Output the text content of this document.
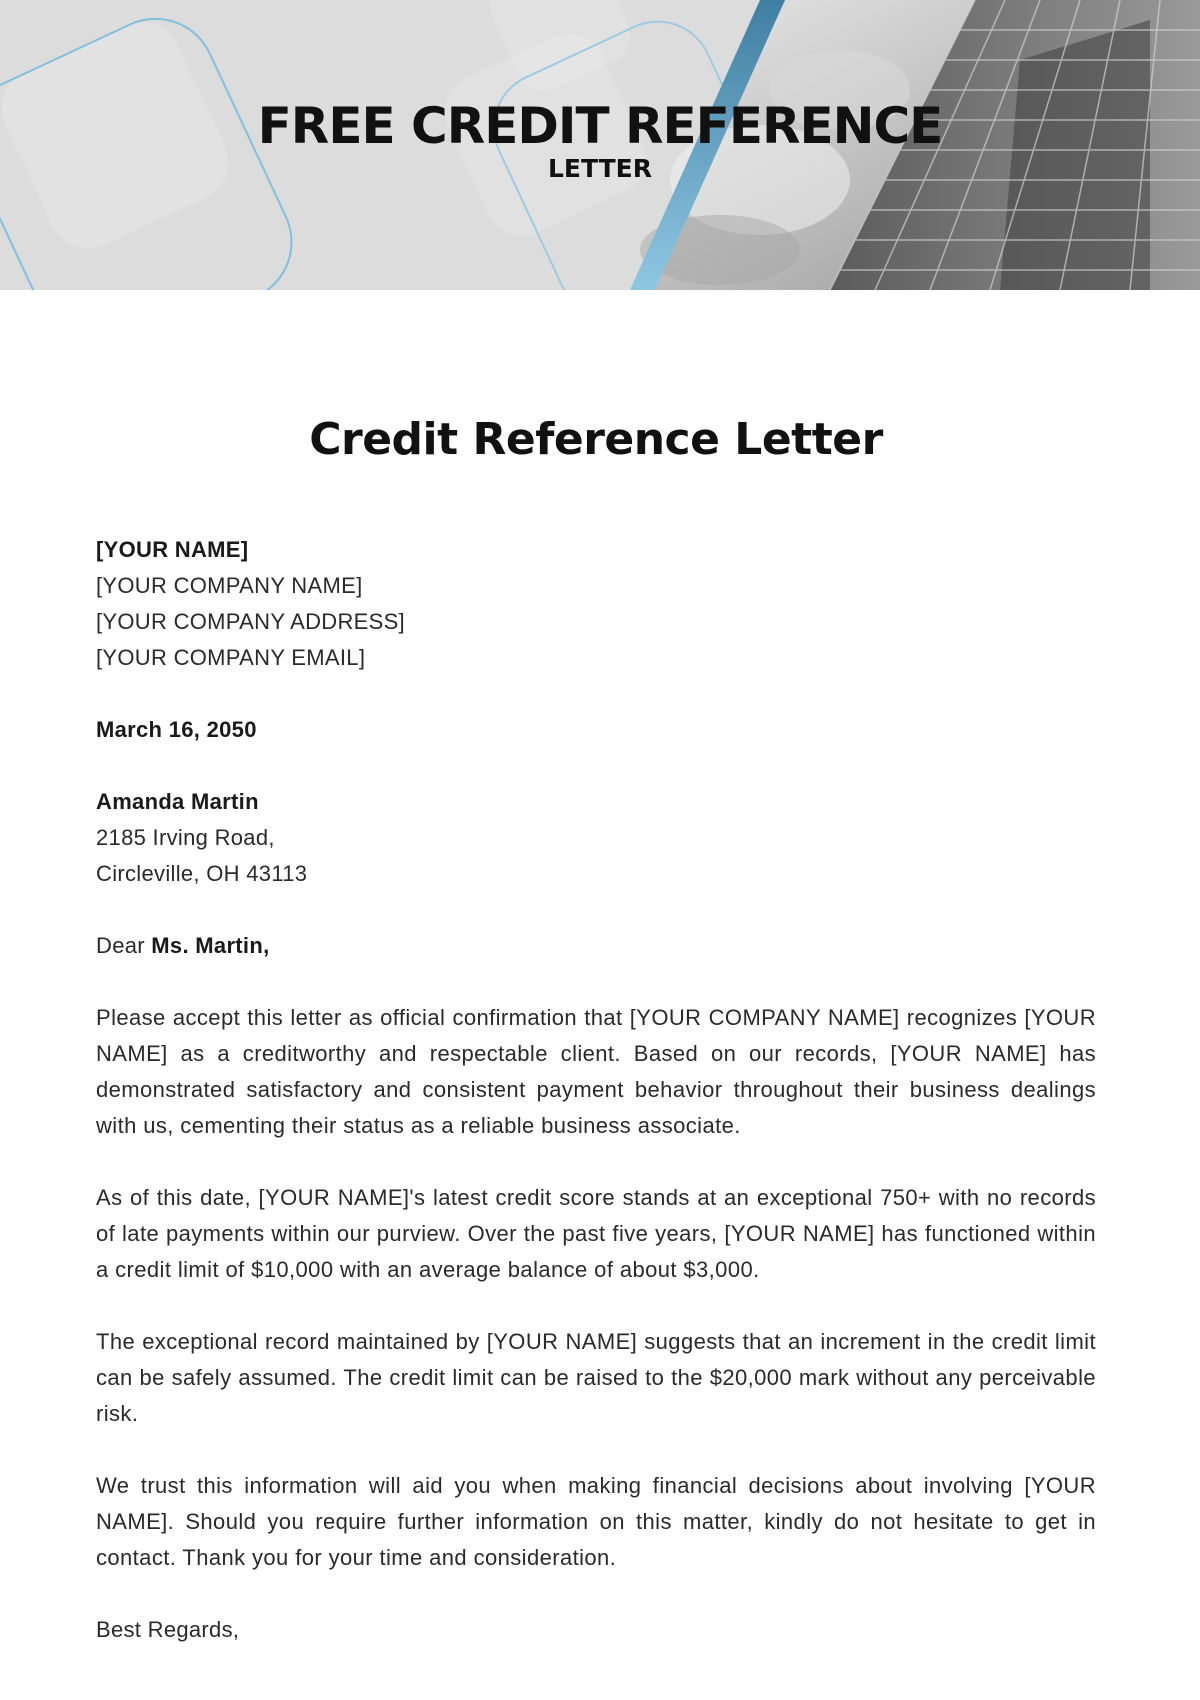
FREE CREDIT REFERENCE
LETTER
Credit Reference Letter
[YOUR NAME]
[YOUR COMPANY NAME]
[YOUR COMPANY ADDRESS]
[YOUR COMPANY EMAIL]
March 16, 2050
Amanda Martin
2185 Irving Road,
Circleville, OH 43113
Dear Ms. Martin,

Please accept this letter as official confirmation that [YOUR COMPANY NAME] recognizes [YOUR NAME] as a creditworthy and respectable client. Based on our records, [YOUR NAME] has demonstrated satisfactory and consistent payment behavior throughout their business dealings with us, cementing their status as a reliable business associate.

As of this date, [YOUR NAME]'s latest credit score stands at an exceptional 750+ with no records of late payments within our purview. Over the past five years, [YOUR NAME] has functioned within a credit limit of $10,000 with an average balance of about $3,000.

The exceptional record maintained by [YOUR NAME] suggests that an increment in the credit limit can be safely assumed. The credit limit can be raised to the $20,000 mark without any perceivable risk.

We trust this information will aid you when making financial decisions about involving [YOUR NAME]. Should you require further information on this matter, kindly do not hesitate to get in contact. Thank you for your time and consideration.

Best Regards,
